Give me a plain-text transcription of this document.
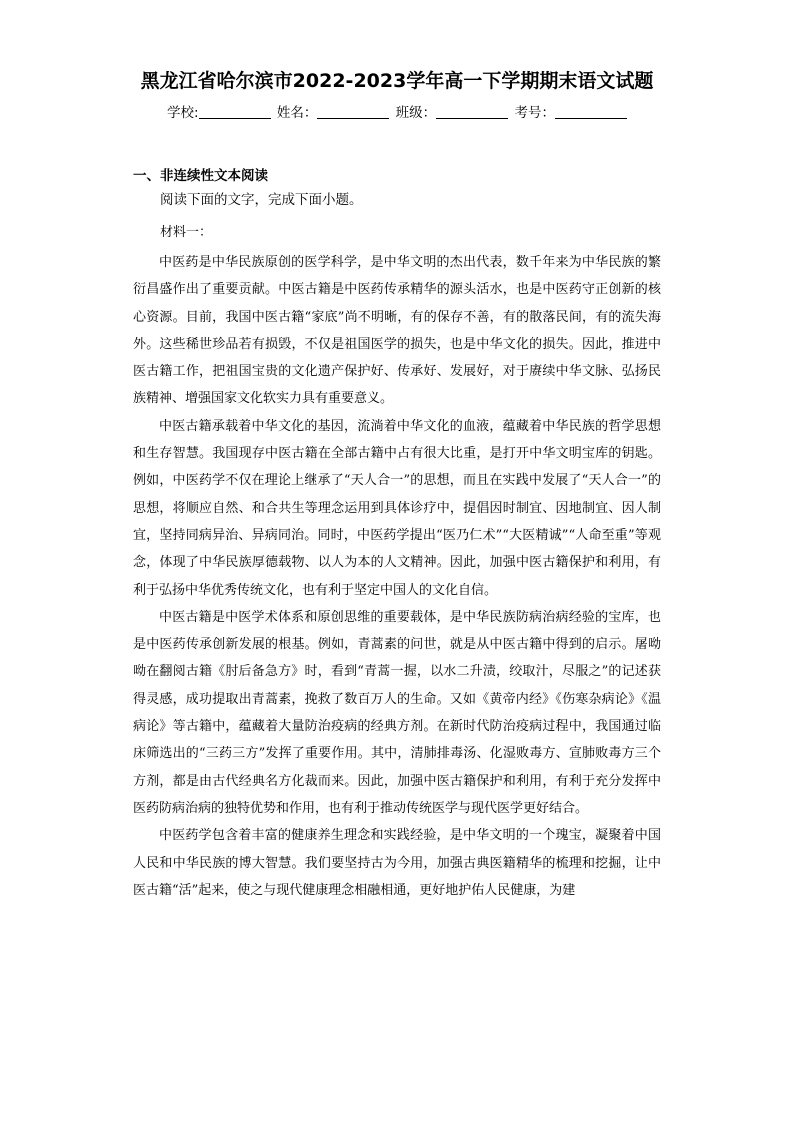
黑龙江省哈尔滨市2022-2023学年高一下学期期末语文试题
学校:	姓名：	班级：	考号：
一、非连续性文本阅读
阅读下面的文字，完成下面小题。
材料一：

中医药是中华民族原创的医学科学，是中华文明的杰出代表，数千年来为中华民族的繁衍昌盛作出了重要贡献。中医古籍是中医药传承精华的源头活水，也是中医药守正创新的核心资源。目前，我国中医古籍“家底”尚不明晰，有的保存不善，有的散落民间，有的流失海外。这些稀世珍品若有损毁，不仅是祖国医学的损失，也是中华文化的损失。因此，推进中医古籍工作，把祖国宝贵的文化遗产保护好、传承好、发展好，对于赓续中华文脉、弘扬民族精神、增强国家文化软实力具有重要意义。

中医古籍承载着中华文化的基因，流淌着中华文化的血液，蕴藏着中华民族的哲学思想和生存智慧。我国现存中医古籍在全部古籍中占有很大比重，是打开中华文明宝库的钥匙。例如，中医药学不仅在理论上继承了“天人合一”的思想，而且在实践中发展了“天人合一”的思想，将顺应自然、和合共生等理念运用到具体诊疗中，提倡因时制宜、因地制宜、因人制宜，坚持同病异治、异病同治。同时，中医药学提出“医乃仁术”“大医精诚”“人命至重”等观念，体现了中华民族厚德载物、以人为本的人文精神。因此，加强中医古籍保护和利用，有利于弘扬中华优秀传统文化，也有利于坚定中国人的文化自信。

中医古籍是中医学术体系和原创思维的重要载体，是中华民族防病治病经验的宝库，也是中医药传承创新发展的根基。例如，青蒿素的问世，就是从中医古籍中得到的启示。屠呦呦在翻阅古籍《肘后备急方》时，看到“青蒿一握，以水二升渍，绞取汁，尽服之”的记述获得灵感，成功提取出青蒿素，挽救了数百万人的生命。又如《黄帝内经》《伤寒杂病论》《温病论》等古籍中，蕴藏着大量防治疫病的经典方剂。在新时代防治疫病过程中，我国通过临床筛选出的“三药三方”发挥了重要作用。其中，清肺排毒汤、化湿败毒方、宣肺败毒方三个方剂，都是由古代经典名方化裁而来。因此，加强中医古籍保护和利用，有利于充分发挥中医药防病治病的独特优势和作用，也有利于推动传统医学与现代医学更好结合。

中医药学包含着丰富的健康养生理念和实践经验，是中华文明的一个瑰宝，凝聚着中国人民和中华民族的博大智慧。我们要坚持古为今用，加强古典医籍精华的梳理和挖掘，让中医古籍“活”起来，使之与现代健康理念相融相通，更好地护佑人民健康，为建
